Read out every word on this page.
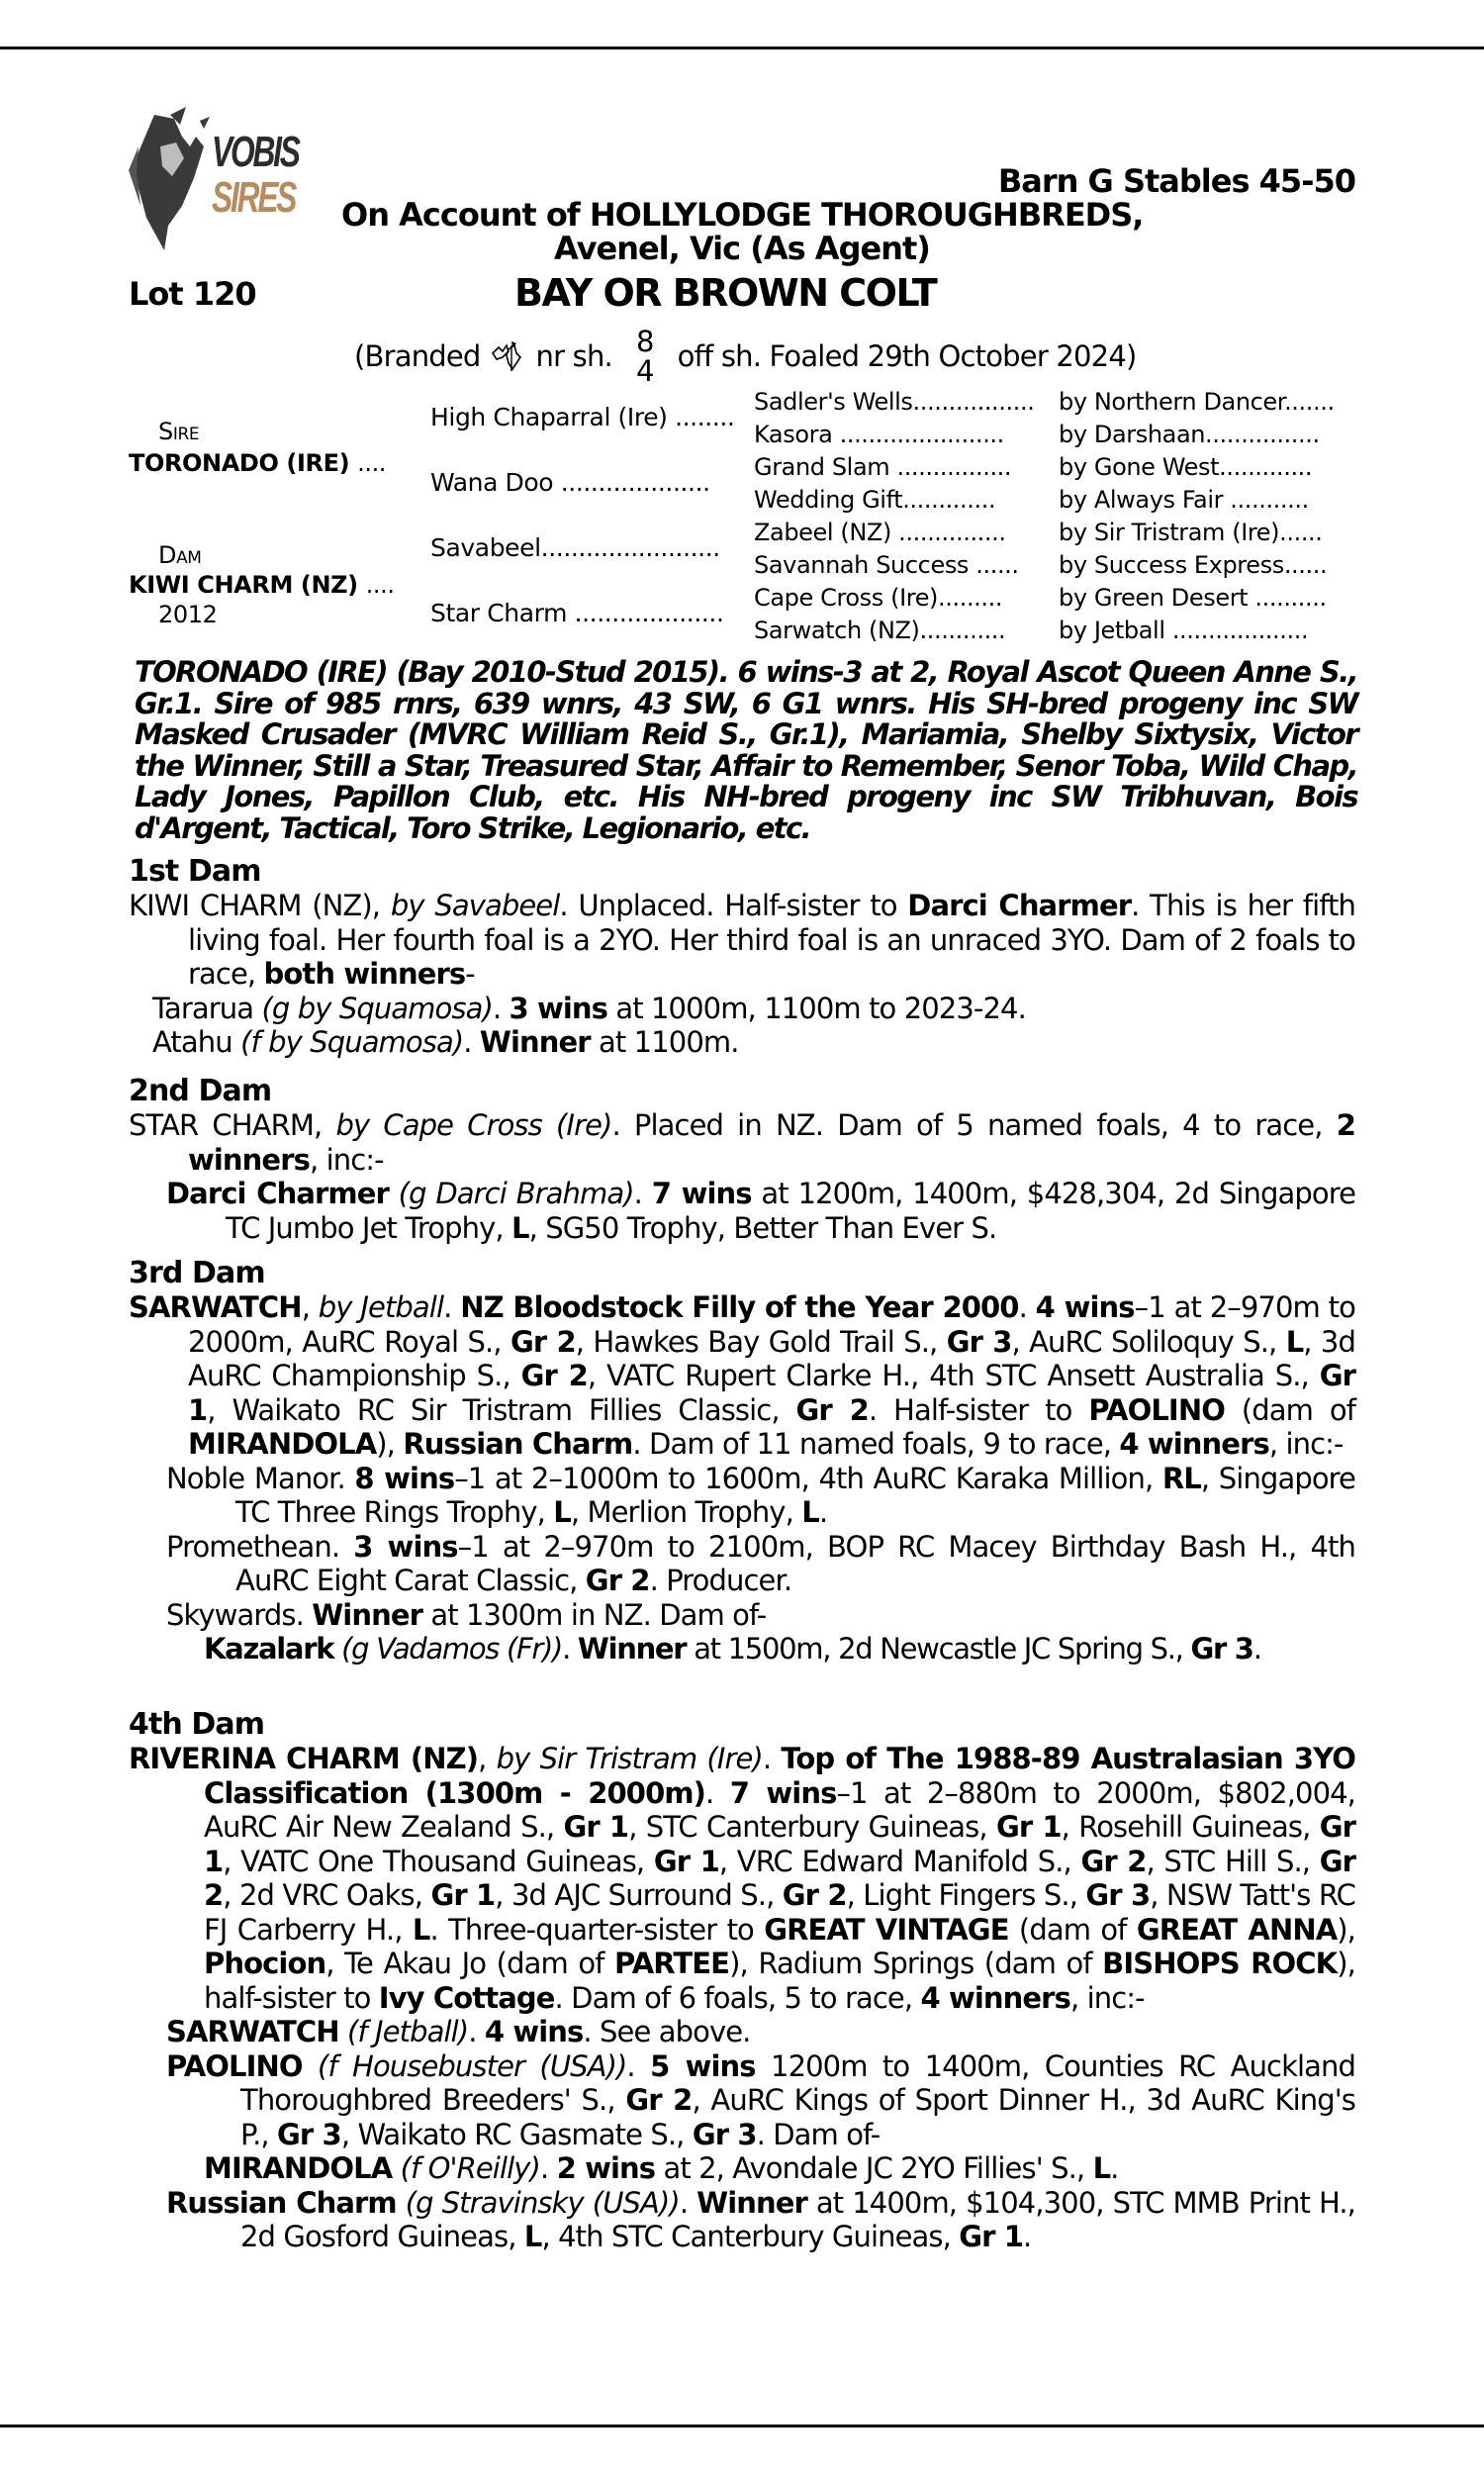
VOBIS
SIRES	Barn G Stables 45-50
On Account of HOLLYLODGE THOROUGHBREDS,
Avenel, Vic (As Agent)
Lot 120	BAY OR BROWN COLT
(Branded nr sh. 8
4 off sh. Foaled 29th October 2024)
Sire
TORONADO (IRE) ....
Dam
KIWI CHARM (NZ) ....
2012
High Chaparral (Ire) ........
Wana Doo ....................
Savabeel........................
Star Charm ....................
Sadler's Wells.................
Kasora .......................
Grand Slam ................
Wedding Gift.............
Zabeel (NZ) ...............
Savannah Success ......
Cape Cross (Ire).........
Sarwatch (NZ)............
by Northern Dancer.......
by Darshaan................
by Gone West.............
by Always Fair ...........
by Sir Tristram (Ire)......
by Success Express......
by Green Desert ..........
by Jetball ...................
TORONADO (IRE) (Bay 2010-Stud 2015). 6 wins-3 at 2, Royal Ascot Queen Anne S., Gr.1. Sire of 985 rnrs, 639 wnrs, 43 SW, 6 G1 wnrs. His SH-bred progeny inc SW Masked Crusader (MVRC William Reid S., Gr.1), Mariamia, Shelby Sixtysix, Victor the Winner, Still a Star, Treasured Star, Affair to Remember, Senor Toba, Wild Chap, Lady Jones, Papillon Club, etc. His NH-bred progeny inc SW Tribhuvan, Bois d'Argent, Tactical, Toro Strike, Legionario, etc.

1st Dam

KIWI CHARM (NZ), by Savabeel. Unplaced. Half-sister to Darci Charmer. This is her fifth living foal. Her fourth foal is a 2YO. Her third foal is an unraced 3YO. Dam of 2 foals to race, both winners-

Tararua (g by Squamosa). 3 wins at 1000m, 1100m to 2023-24.

Atahu (f by Squamosa). Winner at 1100m.

2nd Dam

STAR CHARM, by Cape Cross (Ire). Placed in NZ. Dam of 5 named foals, 4 to race, 2 winners, inc:-

Darci Charmer (g Darci Brahma). 7 wins at 1200m, 1400m, $428,304, 2d Singapore TC Jumbo Jet Trophy, L, SG50 Trophy, Better Than Ever S.

3rd Dam

SARWATCH, by Jetball. NZ Bloodstock Filly of the Year 2000. 4 wins–1 at 2–970m to 2000m, AuRC Royal S., Gr 2, Hawkes Bay Gold Trail S., Gr 3, AuRC Soliloquy S., L, 3d AuRC Championship S., Gr 2, VATC Rupert Clarke H., 4th STC Ansett Australia S., Gr 1, Waikato RC Sir Tristram Fillies Classic, Gr 2. Half-sister to PAOLINO (dam of MIRANDOLA), Russian Charm. Dam of 11 named foals, 9 to race, 4 winners, inc:-

Noble Manor. 8 wins–1 at 2–1000m to 1600m, 4th AuRC Karaka Million, RL, Singapore TC Three Rings Trophy, L, Merlion Trophy, L.

Promethean. 3 wins–1 at 2–970m to 2100m, BOP RC Macey Birthday Bash H., 4th AuRC Eight Carat Classic, Gr 2. Producer.

Skywards. Winner at 1300m in NZ. Dam of-

Kazalark (g Vadamos (Fr)). Winner at 1500m, 2d Newcastle JC Spring S., Gr 3.

4th Dam

RIVERINA CHARM (NZ), by Sir Tristram (Ire). Top of The 1988-89 Australasian 3YO Classification (1300m - 2000m). 7 wins–1 at 2–880m to 2000m, $802,004, AuRC Air New Zealand S., Gr 1, STC Canterbury Guineas, Gr 1, Rosehill Guineas, Gr 1, VATC One Thousand Guineas, Gr 1, VRC Edward Manifold S., Gr 2, STC Hill S., Gr 2, 2d VRC Oaks, Gr 1, 3d AJC Surround S., Gr 2, Light Fingers S., Gr 3, NSW Tatt's RC FJ Carberry H., L. Three-quarter-sister to GREAT VINTAGE (dam of GREAT ANNA), Phocion, Te Akau Jo (dam of PARTEE), Radium Springs (dam of BISHOPS ROCK), half-sister to Ivy Cottage. Dam of 6 foals, 5 to race, 4 winners, inc:-

SARWATCH (f Jetball). 4 wins. See above.

PAOLINO (f Housebuster (USA)). 5 wins 1200m to 1400m, Counties RC Auckland Thoroughbred Breeders' S., Gr 2, AuRC Kings of Sport Dinner H., 3d AuRC King's P., Gr 3, Waikato RC Gasmate S., Gr 3. Dam of-

MIRANDOLA (f O'Reilly). 2 wins at 2, Avondale JC 2YO Fillies' S., L.

Russian Charm (g Stravinsky (USA)). Winner at 1400m, $104,300, STC MMB Print H., 2d Gosford Guineas, L, 4th STC Canterbury Guineas, Gr 1.
